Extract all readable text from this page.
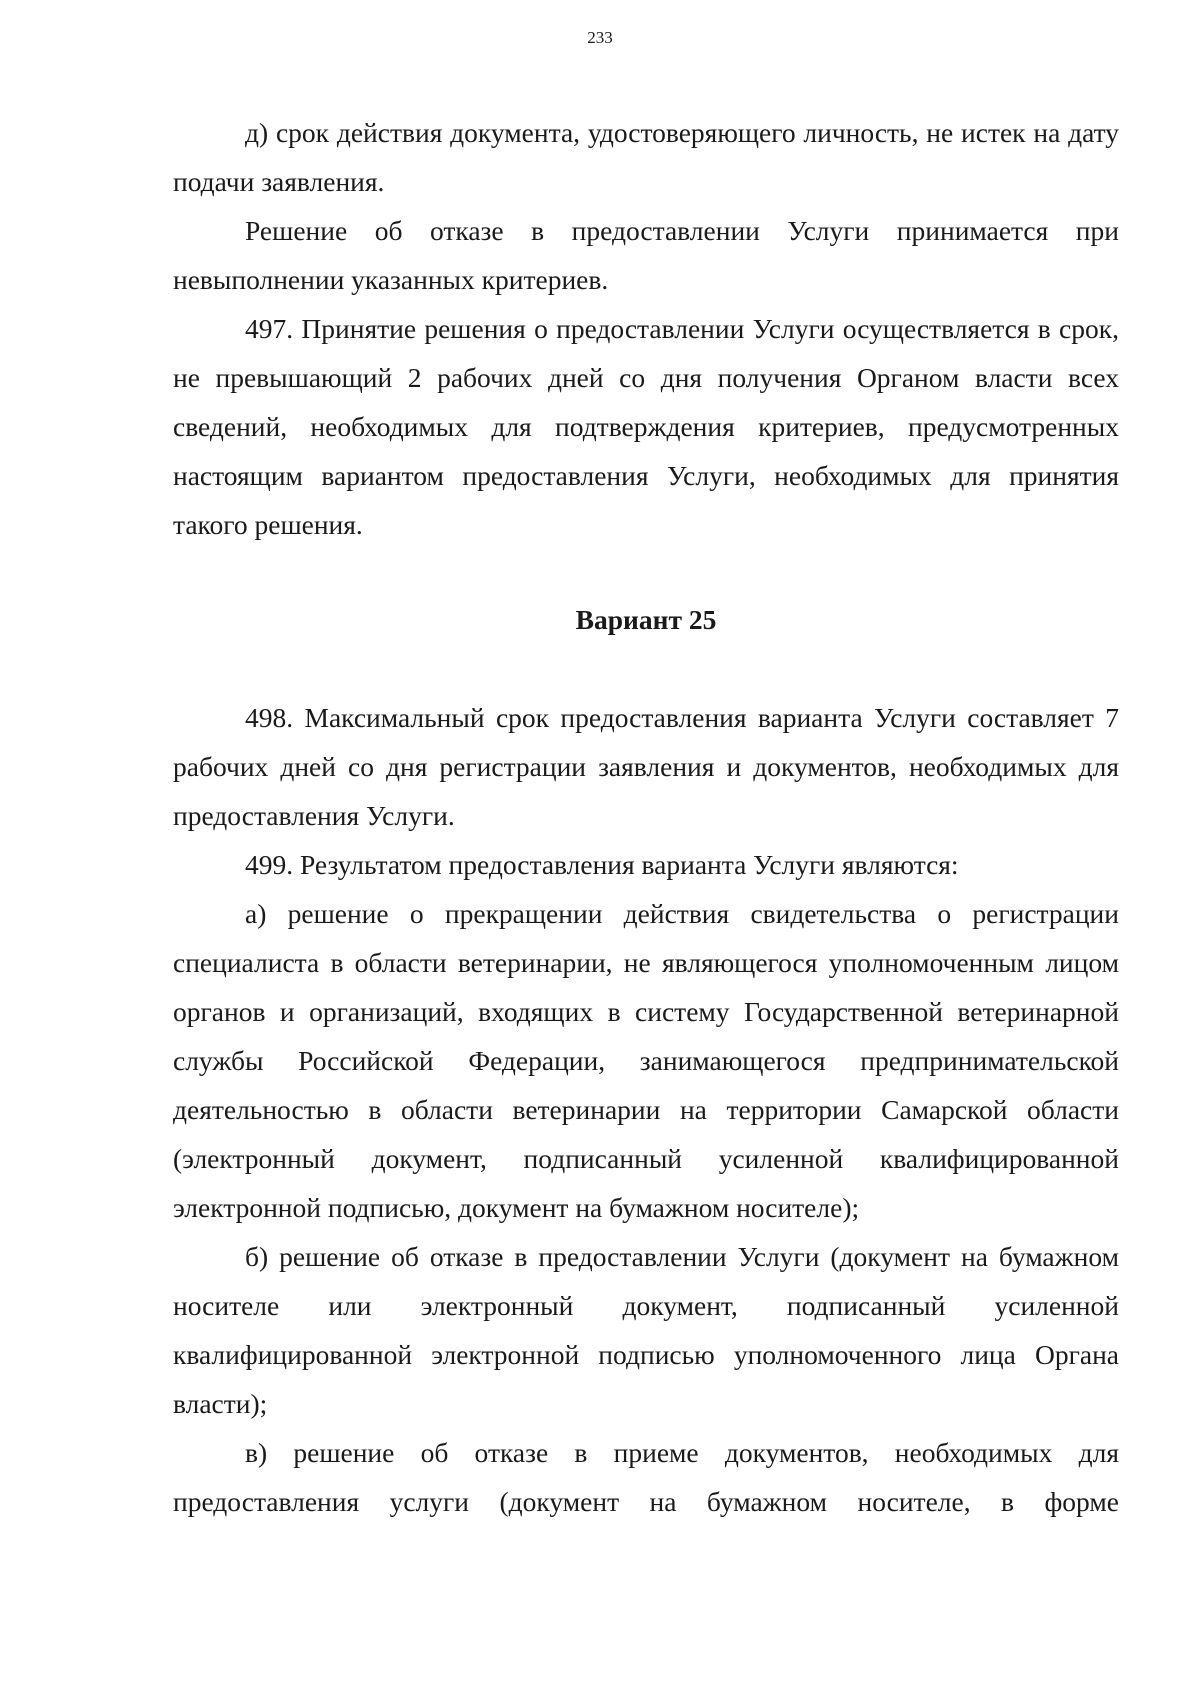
233

д) срок действия документа, удостоверяющего личность, не истек на дату подачи заявления.

Решение об отказе в предоставлении Услуги принимается при невыполнении указанных критериев.

497. Принятие решения о предоставлении Услуги осуществляется в срок, не превышающий 2 рабочих дней со дня получения Органом власти всех сведений, необходимых для подтверждения критериев, предусмотренных настоящим вариантом предоставления Услуги, необходимых для принятия такого решения.

Вариант 25

498. Максимальный срок предоставления варианта Услуги составляет 7 рабочих дней со дня регистрации заявления и документов, необходимых для предоставления Услуги.

499. Результатом предоставления варианта Услуги являются:

а) решение о прекращении действия свидетельства о регистрации специалиста в области ветеринарии, не являющегося уполномоченным лицом органов и организаций, входящих в систему Государственной ветеринарной службы Российской Федерации, занимающегося предпринимательской деятельностью в области ветеринарии на территории Самарской области (электронный документ, подписанный усиленной квалифицированной электронной подписью, документ на бумажном носителе);

б) решение об отказе в предоставлении Услуги (документ на бумажном носителе или электронный документ, подписанный усиленной квалифицированной электронной подписью уполномоченного лица Органа власти);

в) решение об отказе в приеме документов, необходимых для предоставления услуги (документ на бумажном носителе, в форме
